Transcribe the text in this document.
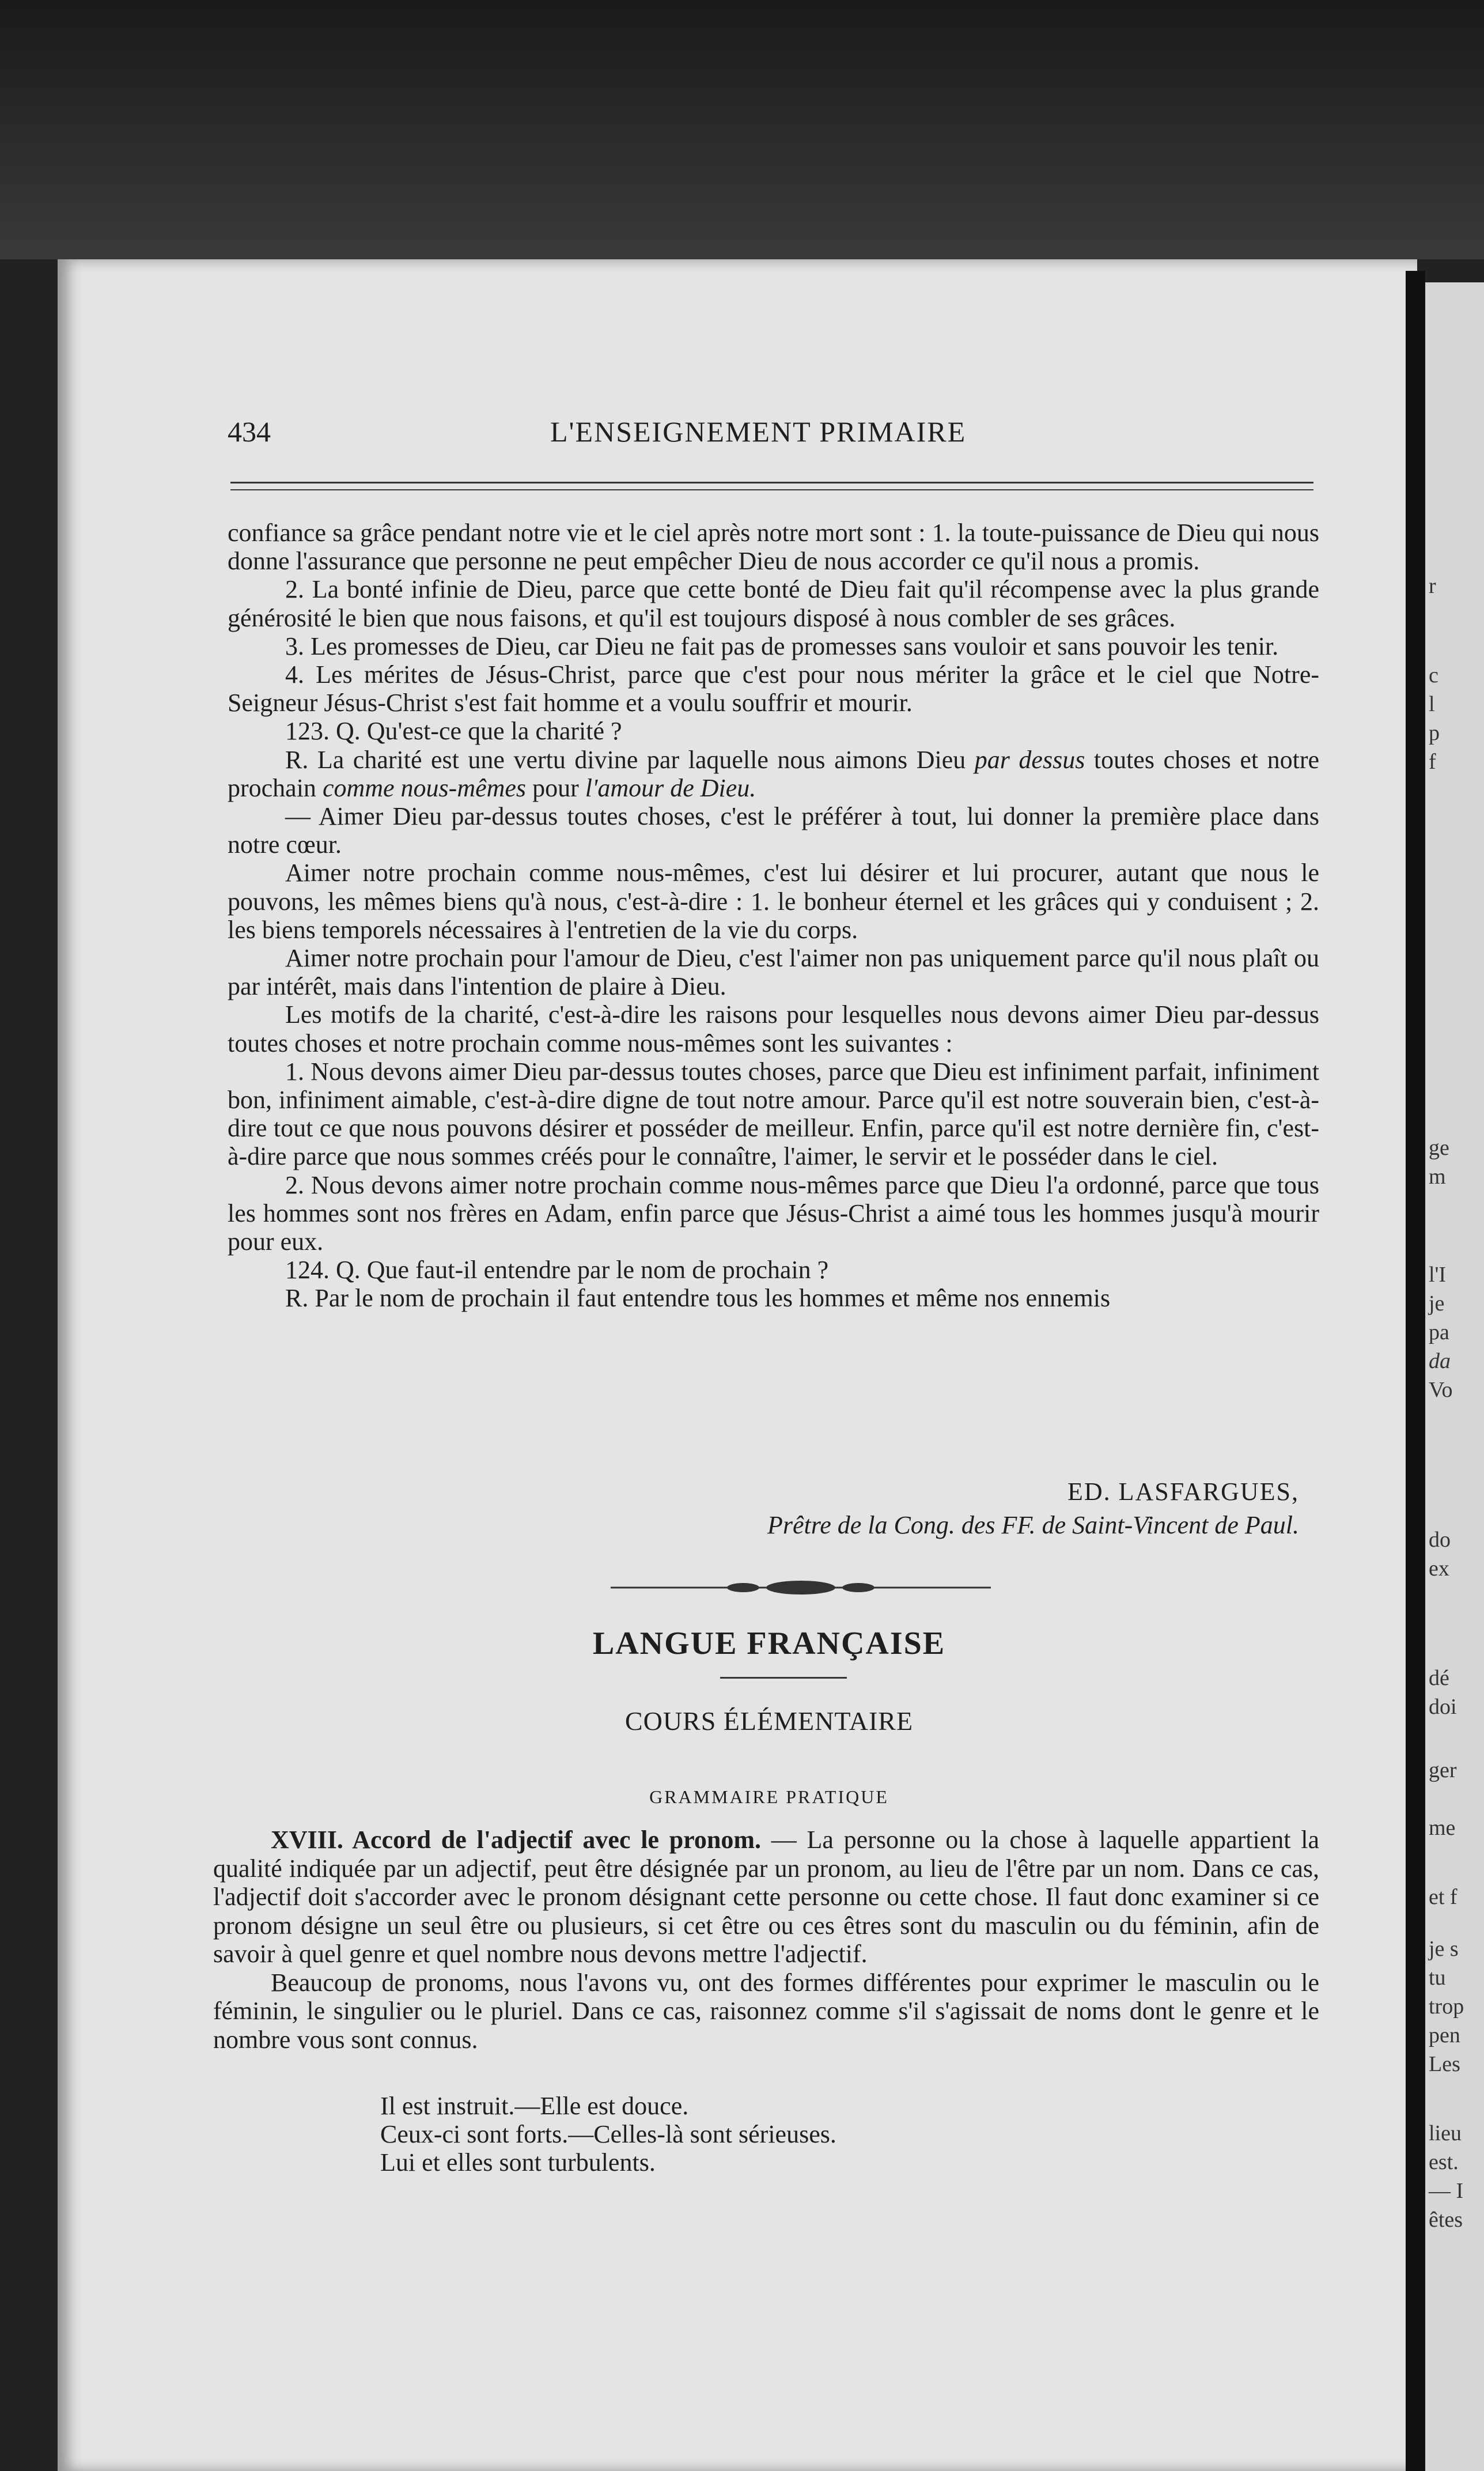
434	L'ENSEIGNEMENT PRIMAIRE

confiance sa grâce pendant notre vie et le ciel après notre mort sont : 1. la toute-puissance de Dieu qui nous donne l'assurance que personne ne peut empêcher Dieu de nous accorder ce qu'il nous a promis.

2. La bonté infinie de Dieu, parce que cette bonté de Dieu fait qu'il récompense avec la plus grande générosité le bien que nous faisons, et qu'il est toujours disposé à nous combler de ses grâces.

3. Les promesses de Dieu, car Dieu ne fait pas de promesses sans vouloir et sans pouvoir les tenir.

4. Les mérites de Jésus-Christ, parce que c'est pour nous mériter la grâce et le ciel que Notre-Seigneur Jésus-Christ s'est fait homme et a voulu souffrir et mourir.

123. Q. Qu'est-ce que la charité ?

R. La charité est une vertu divine par laquelle nous aimons Dieu par dessus toutes choses et notre prochain comme nous-mêmes pour l'amour de Dieu.

— Aimer Dieu par-dessus toutes choses, c'est le préférer à tout, lui donner la première place dans notre cœur.

Aimer notre prochain comme nous-mêmes, c'est lui désirer et lui procurer, autant que nous le pouvons, les mêmes biens qu'à nous, c'est-à-dire : 1. le bonheur éternel et les grâces qui y conduisent ; 2. les biens temporels nécessaires à l'entretien de la vie du corps.

Aimer notre prochain pour l'amour de Dieu, c'est l'aimer non pas uniquement parce qu'il nous plaît ou par intérêt, mais dans l'intention de plaire à Dieu.

Les motifs de la charité, c'est-à-dire les raisons pour lesquelles nous devons aimer Dieu par-dessus toutes choses et notre prochain comme nous-mêmes sont les suivantes :

1. Nous devons aimer Dieu par-dessus toutes choses, parce que Dieu est infiniment parfait, infiniment bon, infiniment aimable, c'est-à-dire digne de tout notre amour. Parce qu'il est notre souverain bien, c'est-à-dire tout ce que nous pouvons désirer et posséder de meilleur. Enfin, parce qu'il est notre dernière fin, c'est-à-dire parce que nous sommes créés pour le connaître, l'aimer, le servir et le posséder dans le ciel.

2. Nous devons aimer notre prochain comme nous-mêmes parce que Dieu l'a ordonné, parce que tous les hommes sont nos frères en Adam, enfin parce que Jésus-Christ a aimé tous les hommes jusqu'à mourir pour eux.

124. Q. Que faut-il entendre par le nom de prochain ?

R. Par le nom de prochain il faut entendre tous les hommes et même nos ennemis

ED. LASFARGUES,
Prêtre de la Cong. des FF. de Saint-Vincent de Paul.
LANGUE FRANÇAISE
COURS ÉLÉMENTAIRE
GRAMMAIRE PRATIQUE

XVIII. Accord de l'adjectif avec le pronom. — La personne ou la chose à laquelle appartient la qualité indiquée par un adjectif, peut être désignée par un pronom, au lieu de l'être par un nom. Dans ce cas, l'adjectif doit s'accorder avec le pronom désignant cette personne ou cette chose. Il faut donc examiner si ce pronom désigne un seul être ou plusieurs, si cet être ou ces êtres sont du masculin ou du féminin, afin de savoir à quel genre et quel nombre nous devons mettre l'adjectif.

Beaucoup de pronoms, nous l'avons vu, ont des formes différentes pour exprimer le masculin ou le féminin, le singulier ou le pluriel. Dans ce cas, raisonnez comme s'il s'agissait de noms dont le genre et le nombre vous sont connus.

Il est instruit.—Elle est douce.
Ceux-ci sont forts.—Celles-là sont sérieuses.
Lui et elles sont turbulents.
r
c
l
p
f
ge
m
l'I
je
pa
da
Vo
do
ex
dé
doi
ger
me
et f
je s
tu
trop
pen
Les
lieu
est.
— I
êtes
